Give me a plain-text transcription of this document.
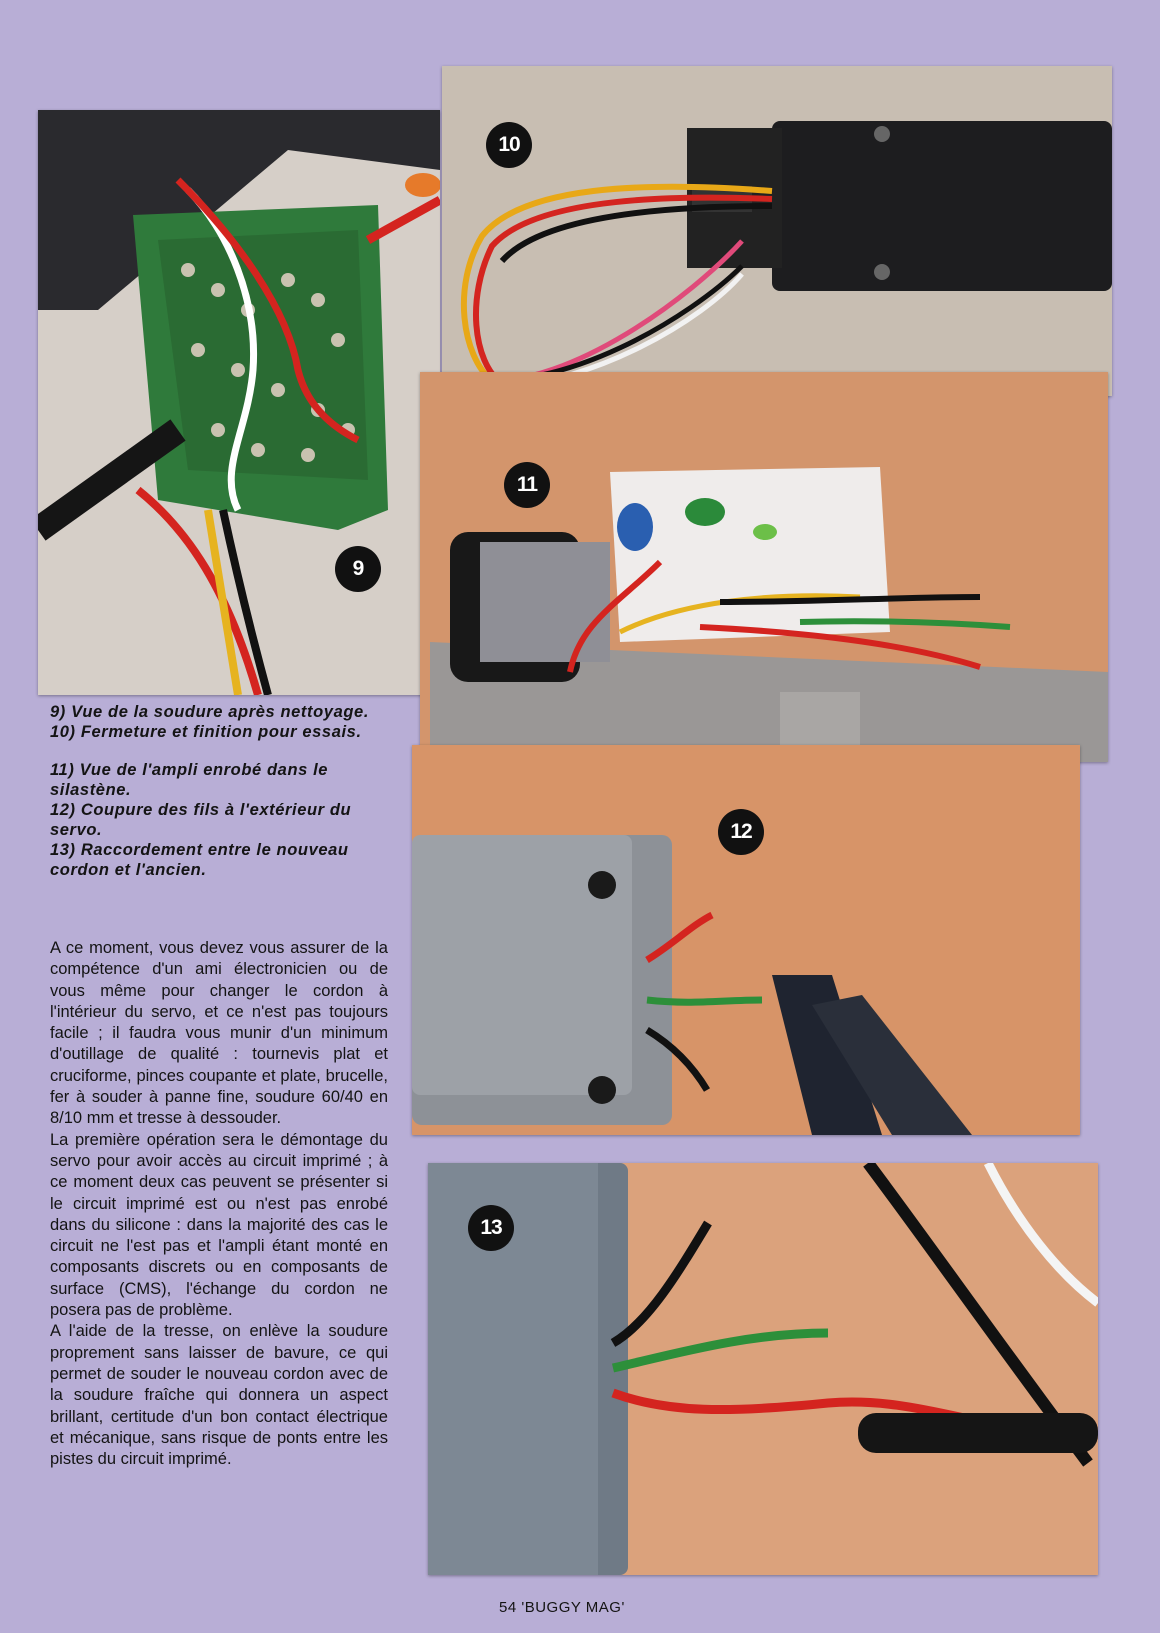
9
10
11
12
13

9) Vue de la soudure après nettoyage.

10) Fermeture et finition pour essais.

11) Vue de l'ampli enrobé dans le silastène.

12) Coupure des fils à l'extérieur du servo.

13) Raccordement entre le nouveau cordon et l'ancien.

A ce moment, vous devez vous assurer de la compétence d'un ami électronicien ou de vous même pour changer le cordon à l'intérieur du servo, et ce n'est pas toujours facile ; il faudra vous munir d'un minimum d'outillage de qualité : tournevis plat et cruciforme, pinces coupante et plate, brucelle, fer à souder à panne fine, soudure 60/40 en 8/10 mm et tresse à dessouder.

La première opération sera le démontage du servo pour avoir accès au circuit imprimé ; à ce moment deux cas peuvent se présenter si le circuit imprimé est ou n'est pas enrobé dans du silicone : dans la majorité des cas le circuit ne l'est pas et l'ampli étant monté en composants discrets ou en composants de surface (CMS), l'échange du cordon ne posera pas de problème.

A l'aide de la tresse, on enlève la soudure proprement sans laisser de bavure, ce qui permet de souder le nouveau cordon avec de la soudure fraîche qui donnera un aspect brillant, certitude d'un bon contact électrique et mécanique, sans risque de ponts entre les pistes du circuit imprimé.

54 'BUGGY MAG'
